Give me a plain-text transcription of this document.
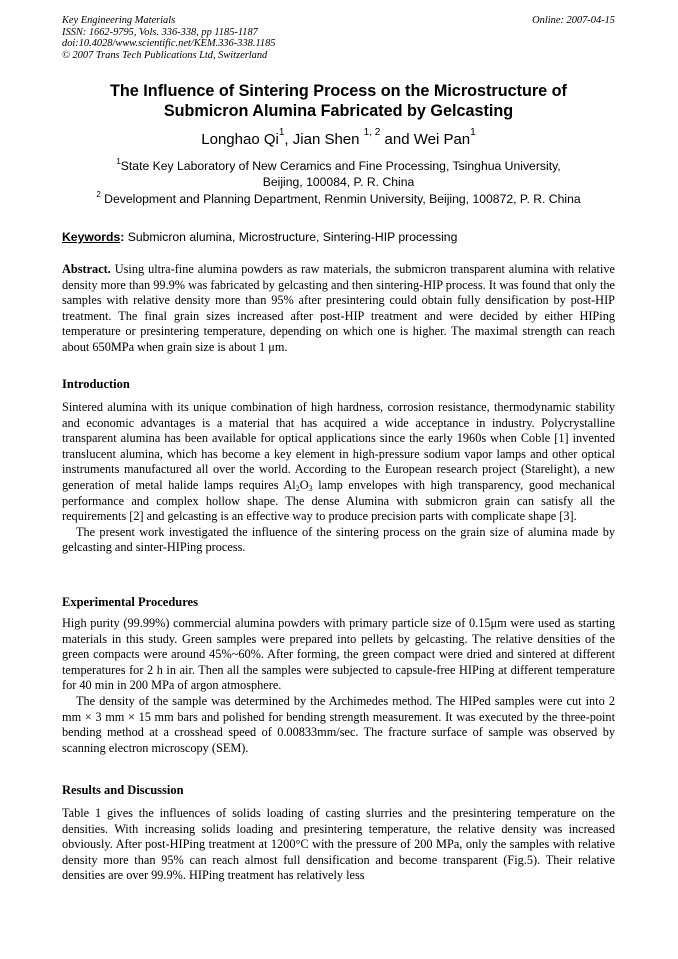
Key Engineering Materials
ISSN: 1662-9795, Vols. 336-338, pp 1185-1187
doi:10.4028/www.scientific.net/KEM.336-338.1185
© 2007 Trans Tech Publications Ltd, Switzerland
Online: 2007-04-15
The Influence of Sintering Process on the Microstructure of
Submicron Alumina Fabricated by Gelcasting
Longhao Qi$^1$, Jian Shen $^{1, 2}$ and Wei Pan$^1$
$^1$State Key Laboratory of New Ceramics and Fine Processing, Tsinghua University,
Beijing, 100084, P. R. China
$^2$ Development and Planning Department, Renmin University, Beijing, 100872, P. R. China
Keywords: Submicron alumina, Microstructure, Sintering-HIP processing

Abstract. Using ultra-fine alumina powders as raw materials, the submicron transparent alumina with relative density more than 99.9% was fabricated by gelcasting and then sintering-HIP process. It was found that only the samples with relative density more than 95% after presintering could obtain fully densification by post-HIP treatment. The final grain sizes increased after post-HIP treatment and were decided by either HIPing temperature or presintering temperature, depending on which one is higher. The maximal strength can reach about 650MPa when grain size is about 1 μm.

Introduction

Sintered alumina with its unique combination of high hardness, corrosion resistance, thermodynamic stability and economic advantages is a material that has acquired a wide acceptance in industry. Polycrystalline transparent alumina has been available for optical applications since the early 1960s when Coble [1] invented translucent alumina, which has become a key element in high-pressure sodium vapor lamps and other optical instruments manufactured all over the world. According to the European research project (Starelight), a new generation of metal halide lamps requires $Al_2O_3$ lamp envelopes with high transparency, good mechanical performance and complex hollow shape. The dense Alumina with submicron grain can satisfy all the requirements [2] and gelcasting is an effective way to produce precision parts with complicate shape [3].

The present work investigated the influence of the sintering process on the grain size of alumina made by gelcasting and sinter-HIPing process.

Experimental Procedures

High purity (99.99%) commercial alumina powders with primary particle size of 0.15μm were used as starting materials in this study. Green samples were prepared into pellets by gelcasting. The relative densities of the green compacts were around 45%~60%. After forming, the green compact were dried and sintered at different temperatures for 2 h in air. Then all the samples were subjected to capsule-free HIPing at different temperature for 40 min in 200 MPa of argon atmosphere.

The density of the sample was determined by the Archimedes method. The HIPed samples were cut into 2 mm × 3 mm × 15 mm bars and polished for bending strength measurement. It was executed by the three-point bending method at a crosshead speed of 0.00833mm/sec. The fracture surface of sample was observed by scanning electron microscopy (SEM).

Results and Discussion

Table 1 gives the influences of solids loading of casting slurries and the presintering temperature on the densities. With increasing solids loading and presintering temperature, the relative density was increased obviously. After post-HIPing treatment at 1200°C with the pressure of 200 MPa, only the samples with relative density more than 95% can reach almost full densification and become transparent (Fig.5). Their relative densities are over 99.9%. HIPing treatment has relatively less
